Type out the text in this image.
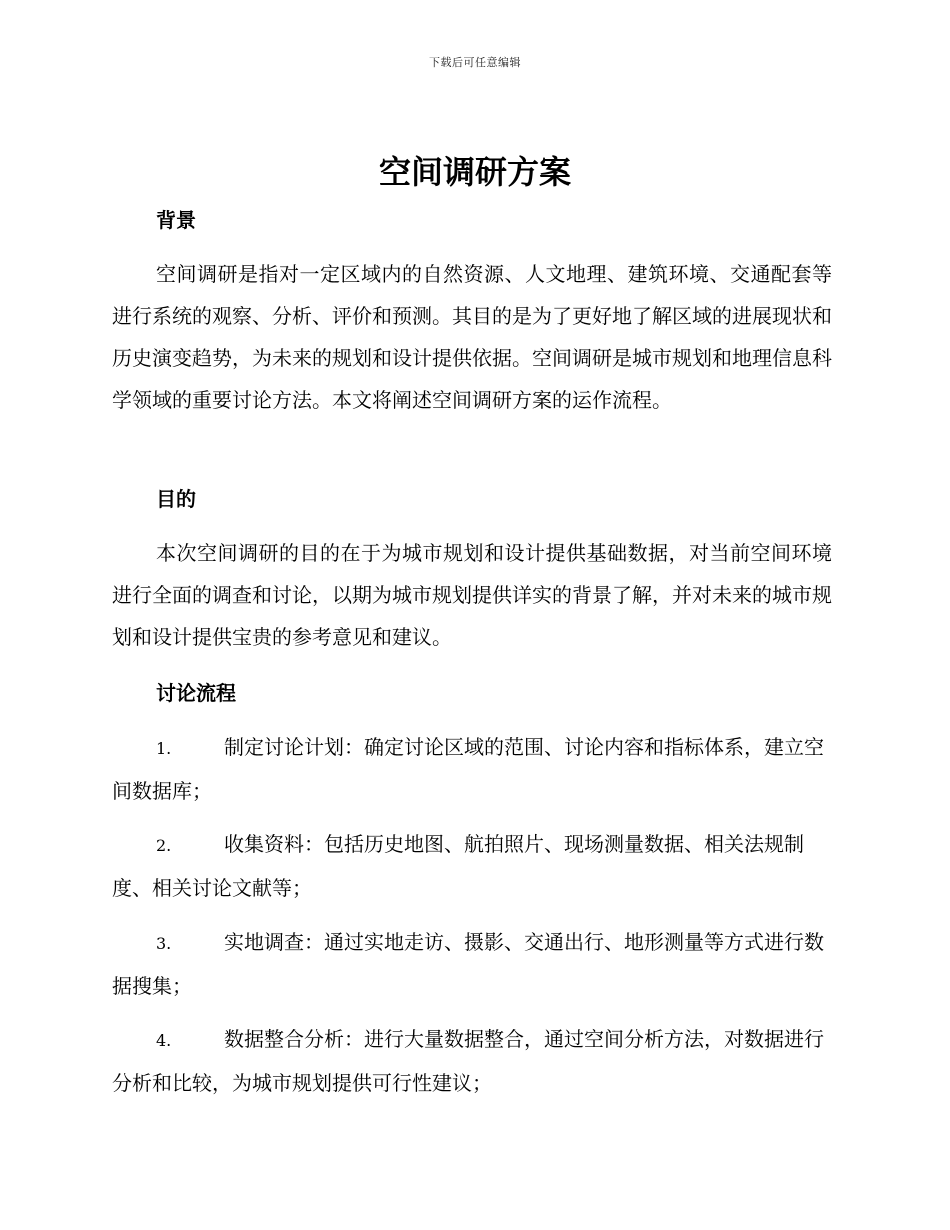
下载后可任意编辑
空间调研方案
背景
空间调研是指对一定区域内的自然资源、人文地理、建筑环境、交通配套等进行系统的观察、分析、评价和预测。其目的是为了更好地了解区域的进展现状和历史演变趋势，为未来的规划和设计提供依据。空间调研是城市规划和地理信息科学领域的重要讨论方法。本文将阐述空间调研方案的运作流程。
目的
本次空间调研的目的在于为城市规划和设计提供基础数据，对当前空间环境进行全面的调查和讨论，以期为城市规划提供详实的背景了解，并对未来的城市规划和设计提供宝贵的参考意见和建议。
讨论流程
1.	制定讨论计划：确定讨论区域的范围、讨论内容和指标体系，建立空间数据库；
2.	收集资料：包括历史地图、航拍照片、现场测量数据、相关法规制度、相关讨论文献等；
3.	实地调查：通过实地走访、摄影、交通出行、地形测量等方式进行数据搜集；
4.	数据整合分析：进行大量数据整合，通过空间分析方法，对数据进行分析和比较，为城市规划提供可行性建议；
